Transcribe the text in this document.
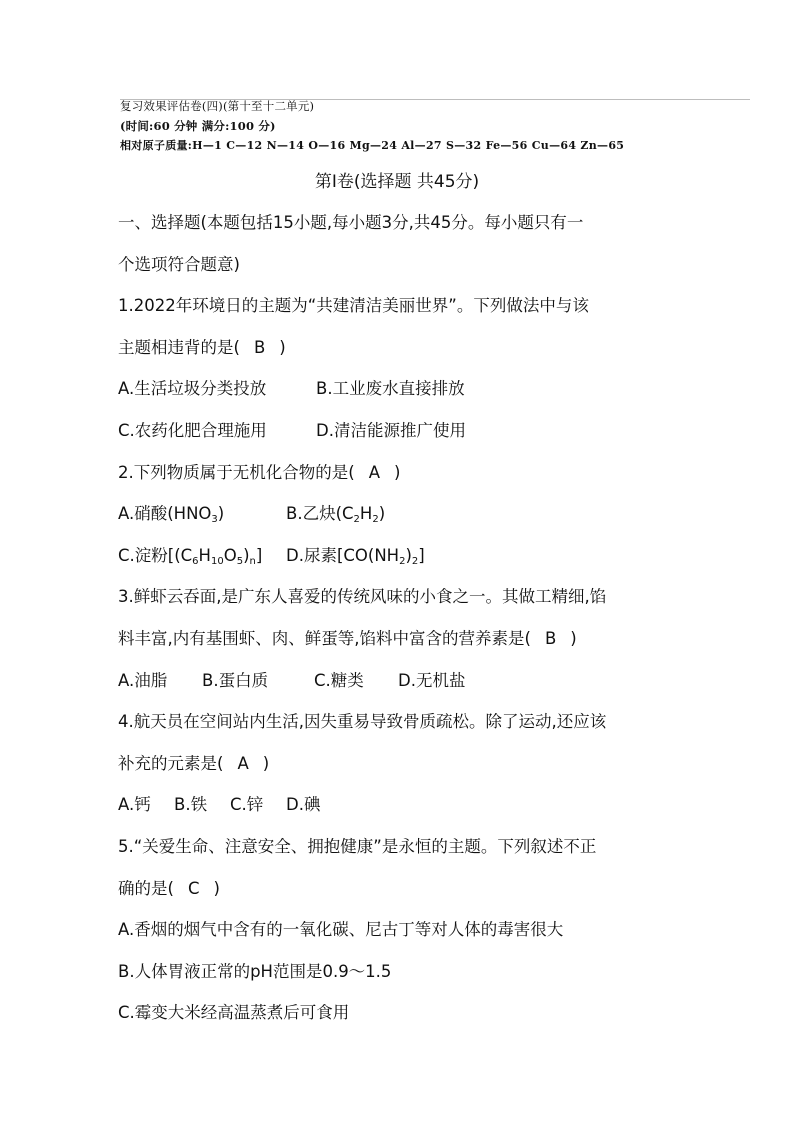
复习效果评估卷(四)(第十至十二单元)
(时间:60 分钟 满分:100 分)
相对原子质量:H—1 C—12 N—14 O—16 Mg—24 Al—27 S—32 Fe—56 Cu—64 Zn—65
第Ⅰ卷(选择题 共45分)
一、选择题(本题包括15小题,每小题3分,共45分。每小题只有一
个选项符合题意)
1.2022年环境日的主题为“共建清洁美丽世界”。下列做法中与该
主题相违背的是( B )
A.生活垃圾分类投放	B.工业废水直接排放
C.农药化肥合理施用	D.清洁能源推广使用
2.下列物质属于无机化合物的是( A )
A.硝酸$(HNO_3)$	B.乙炔$(C_2H_2)$
C.淀粉$[(C_6H_{10}O_5)_n]$ D.尿素$[CO(NH_2)_2]$
3.鲜虾云吞面,是广东人喜爱的传统风味的小食之一。其做工精细,馅
料丰富,内有基围虾、肉、鲜蛋等,馅料中富含的营养素是( B )
A.油脂 B.蛋白质	C.糖类 D.无机盐
4.航天员在空间站内生活,因失重易导致骨质疏松。除了运动,还应该
补充的元素是( A )
A.钙 B.铁 C.锌 D.碘
5.“关爱生命、注意安全、拥抱健康”是永恒的主题。下列叙述不正
确的是( C )
A.香烟的烟气中含有的一氧化碳、尼古丁等对人体的毒害很大
B.人体胃液正常的pH范围是0.9～1.5
C.霉变大米经高温蒸煮后可食用
